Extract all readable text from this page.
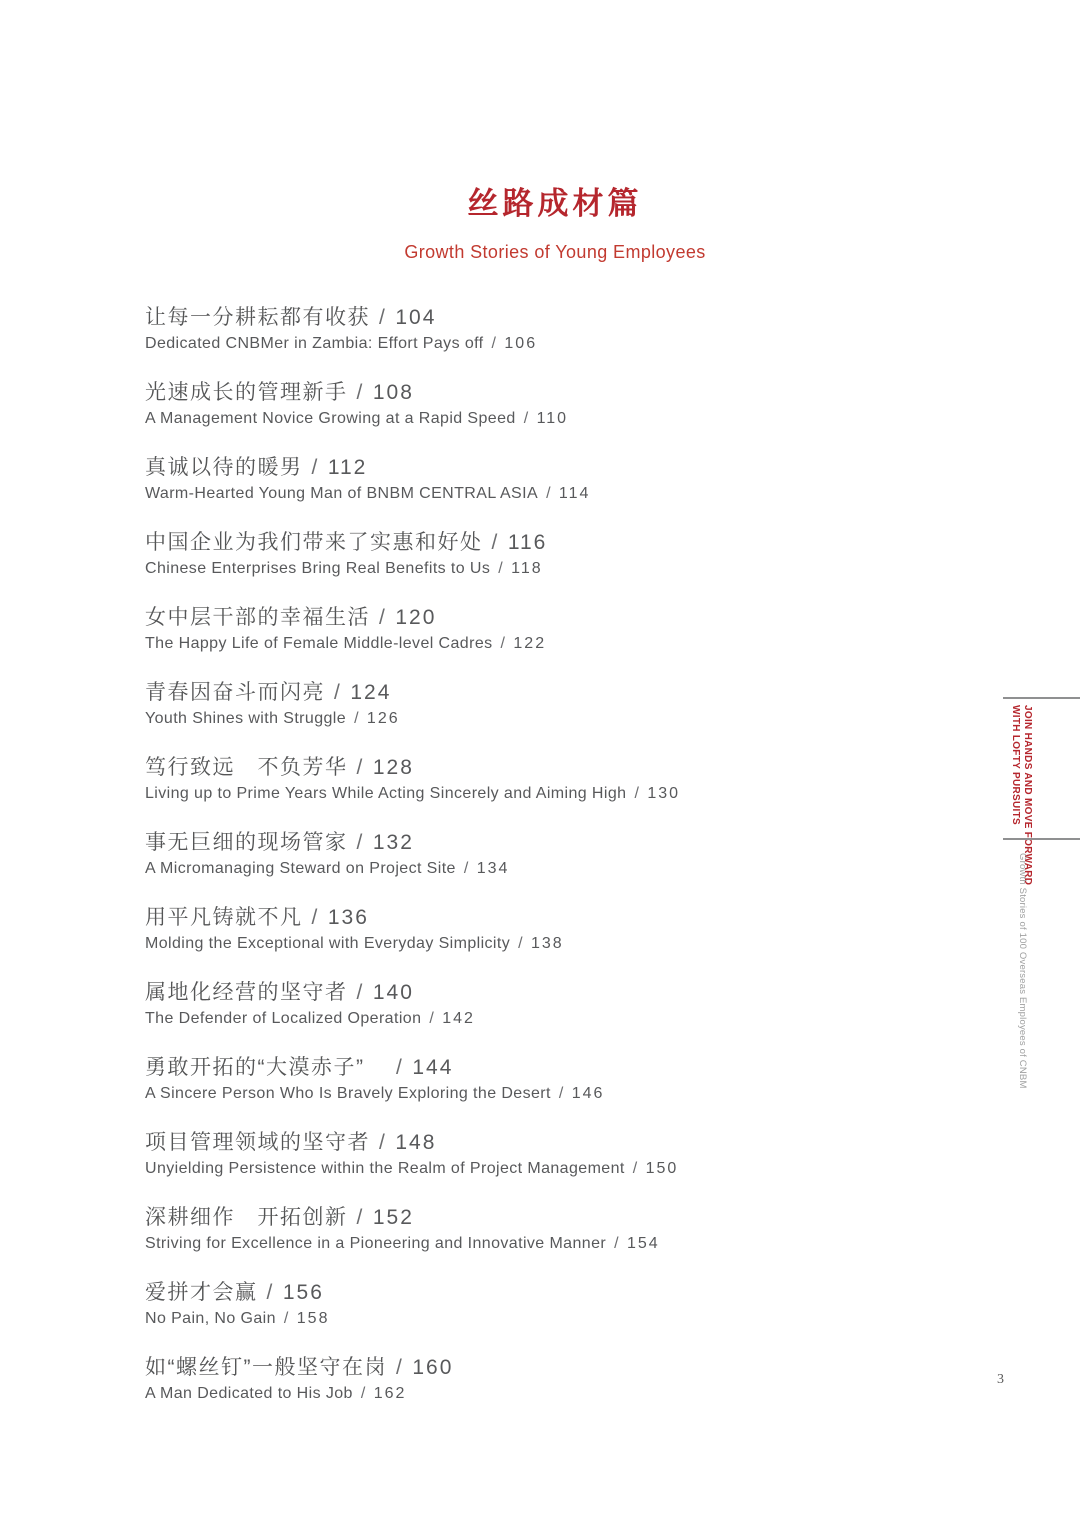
丝路成材篇
Growth Stories of Young Employees
让每一分耕耘都有收获 / 104
Dedicated CNBMer in Zambia: Effort Pays off / 106
光速成长的管理新手 / 108
A Management Novice Growing at a Rapid Speed / 110
真诚以待的暖男 / 112
Warm-Hearted Young Man of BNBM CENTRAL ASIA / 114
中国企业为我们带来了实惠和好处 / 116
Chinese Enterprises Bring Real Benefits to Us / 118
女中层干部的幸福生活 / 120
The Happy Life of Female Middle-level Cadres / 122
青春因奋斗而闪亮 / 124
Youth Shines with Struggle / 126
笃行致远　不负芳华 / 128
Living up to Prime Years While Acting Sincerely and Aiming High / 130
事无巨细的现场管家 / 132
A Micromanaging Steward on Project Site / 134
用平凡铸就不凡 / 136
Molding the Exceptional with Everyday Simplicity / 138
属地化经营的坚守者 / 140
The Defender of Localized Operation / 142
勇敢开拓的“大漠赤子”　/ 144
A Sincere Person Who Is Bravely Exploring the Desert / 146
项目管理领域的坚守者 / 148
Unyielding Persistence within the Realm of Project Management / 150
深耕细作　开拓创新 / 152
Striving for Excellence in a Pioneering and Innovative Manner / 154
爱拼才会赢 / 156
No Pain, No Gain / 158
如“螺丝钉”一般坚守在岗 / 160
A Man Dedicated to His Job / 162
JOIN HANDS AND MOVE FORWARD
WITH LOFTY PURSUITS
Growth Stories of 100 Overseas Employees of CNBM
3
